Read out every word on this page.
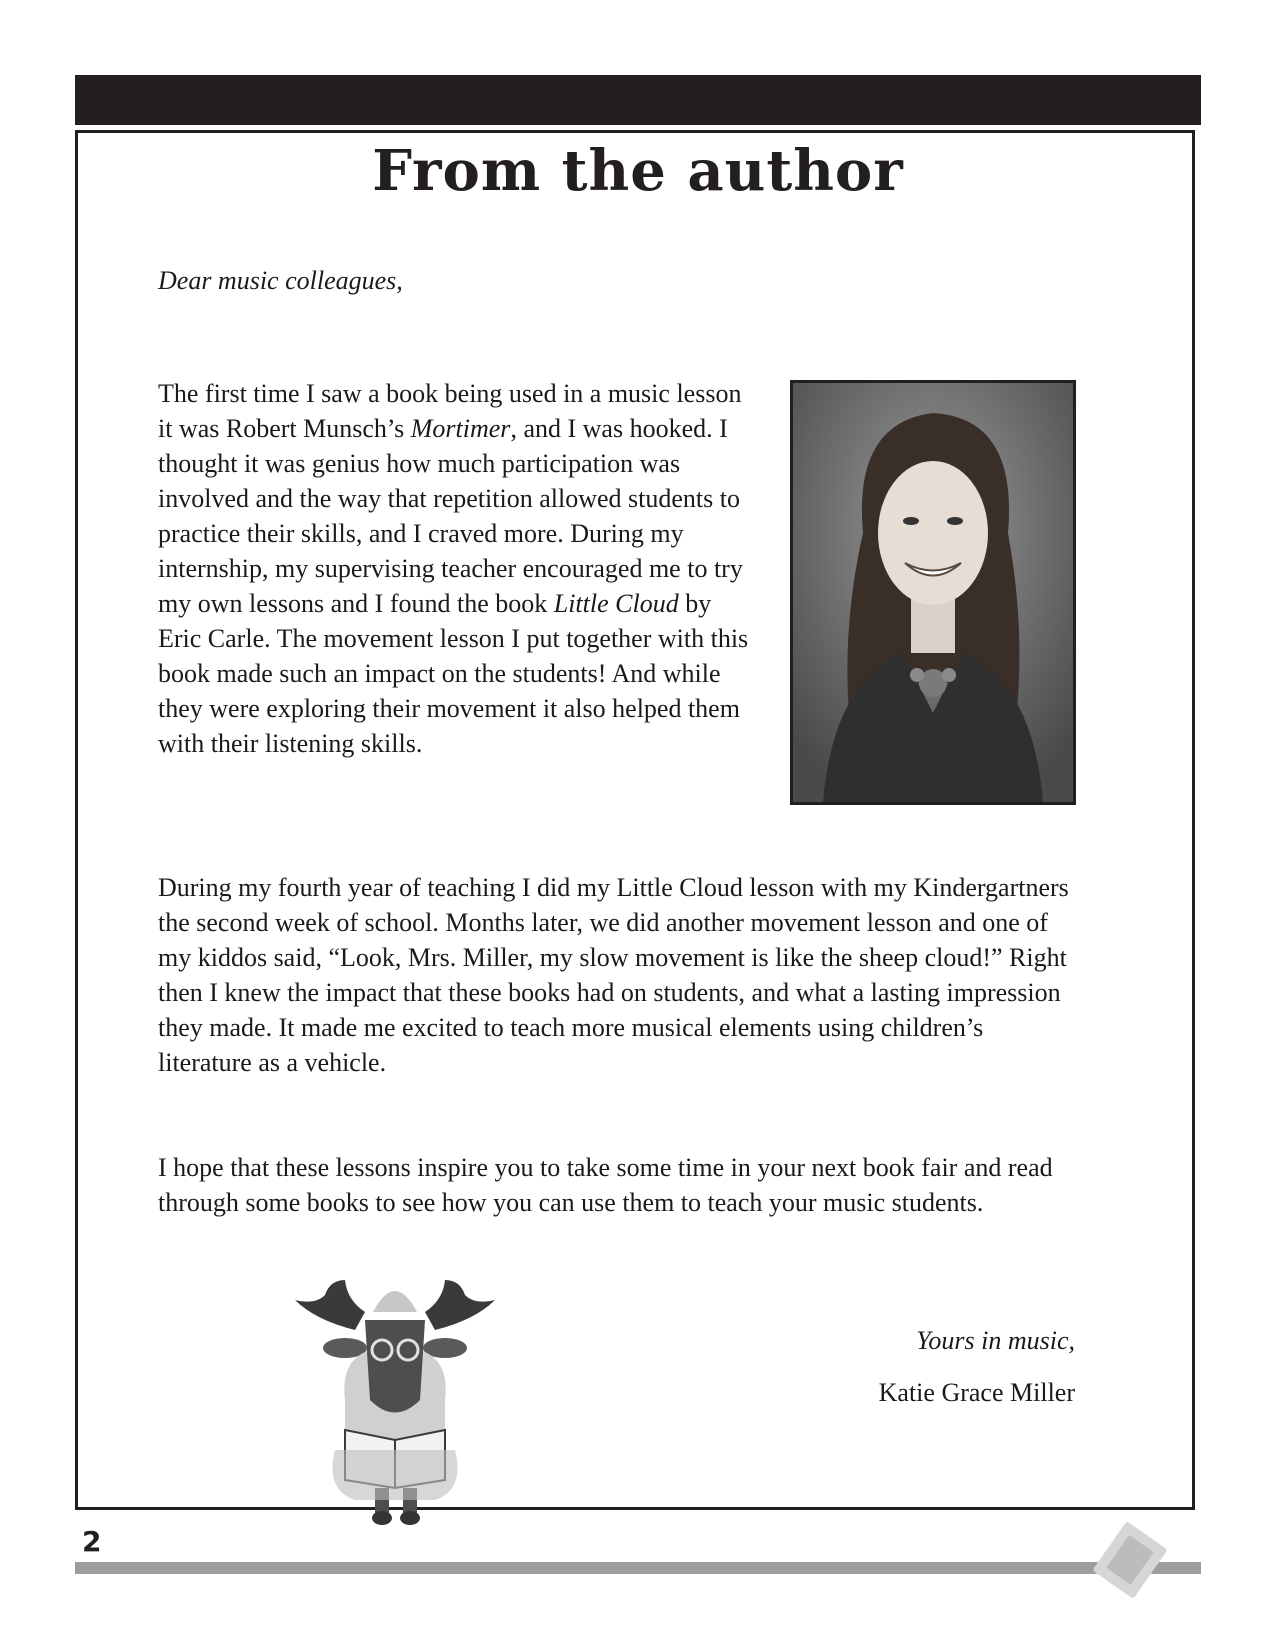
From the author

Dear music colleagues,

The first time I saw a book being used in a music lesson it was Robert Munsch’s Mortimer, and I was hooked. I thought it was genius how much participation was involved and the way that repetition allowed students to practice their skills, and I craved more. During my internship, my supervising teacher encouraged me to try my own lessons and I found the book Little Cloud by Eric Carle. The movement lesson I put together with this book made such an impact on the students! And while they were exploring their movement it also helped them with their listening skills.

During my fourth year of teaching I did my Little Cloud lesson with my Kindergartners the second week of school. Months later, we did another movement lesson and one of my kiddos said, “Look, Mrs. Miller, my slow movement is like the sheep cloud!” Right then I knew the impact that these books had on students, and what a lasting impression they made. It made me excited to teach more musical elements using children’s literature as a vehicle.

I hope that these lessons inspire you to take some time in your next book fair and read through some books to see how you can use them to teach your music students.

Yours in music,

Katie Grace Miller

2
